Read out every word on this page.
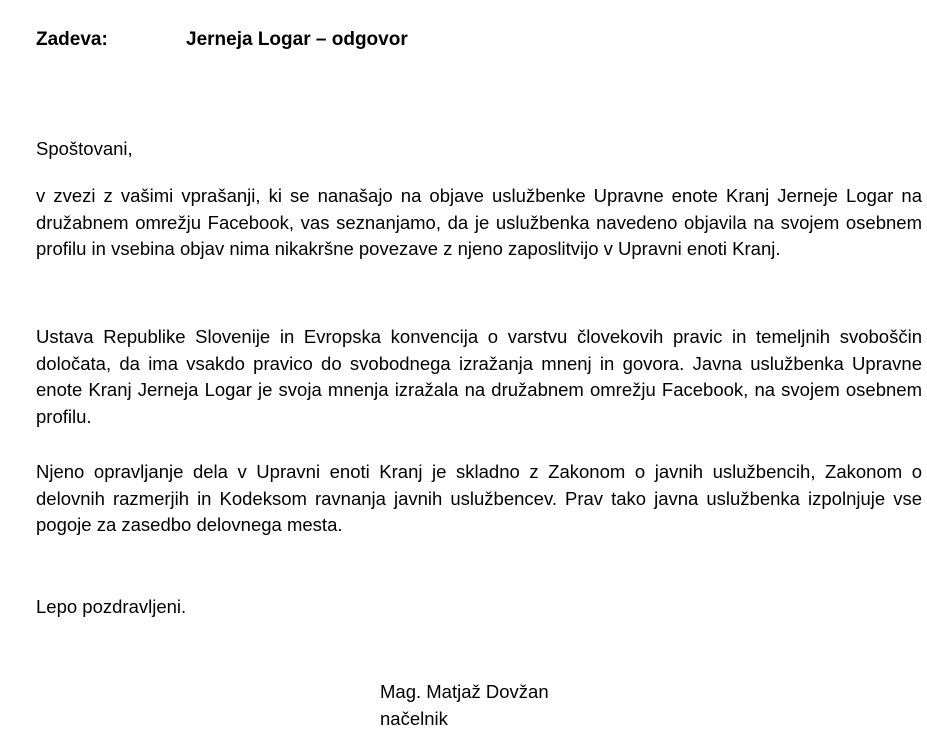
Zadeva:	Jerneja Logar – odgovor
Spoštovani,
v zvezi z vašimi vprašanji, ki se nanašajo na objave uslužbenke Upravne enote Kranj Jerneje Logar na družabnem omrežju Facebook, vas seznanjamo, da je uslužbenka navedeno objavila na svojem osebnem profilu in vsebina objav nima nikakršne povezave z njeno zaposlitvijo v Upravni enoti Kranj.
Ustava Republike Slovenije in Evropska konvencija o varstvu človekovih pravic in temeljnih svoboščin določata, da ima vsakdo pravico do svobodnega izražanja mnenj in govora. Javna uslužbenka Upravne enote Kranj Jerneja Logar je svoja mnenja izražala na družabnem omrežju Facebook, na svojem osebnem profilu.
Njeno opravljanje dela v Upravni enoti Kranj je skladno z Zakonom o javnih uslužbencih, Zakonom o delovnih razmerjih in Kodeksom ravnanja javnih uslužbencev. Prav tako javna uslužbenka izpolnjuje vse pogoje za zasedbo delovnega mesta.
Lepo pozdravljeni.
Mag. Matjaž Dovžan
načelnik
